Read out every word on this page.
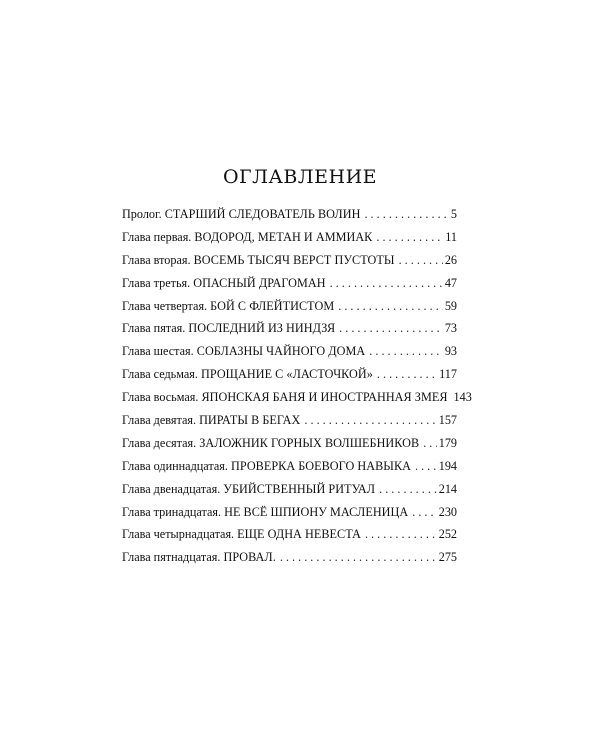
ОГЛАВЛЕНИЕ
Пролог. СТАРШИЙ СЛЕДОВАТЕЛЬ ВОЛИН . . .	5
Глава первая. ВОДОРОД, МЕТАН И АММИАК . . .	11
Глава вторая. ВОСЕМЬ ТЫСЯЧ ВЕРСТ ПУСТОТЫ . . .	26
Глава третья. ОПАСНЫЙ ДРАГОМАН . . .	47
Глава четвертая. БОЙ С ФЛЕЙТИСТОМ . . .	59
Глава пятая. ПОСЛЕДНИЙ ИЗ НИНДЗЯ . . .	73
Глава шестая. СОБЛАЗНЫ ЧАЙНОГО ДОМА . . .	93
Глава седьмая. ПРОЩАНИЕ С «ЛАСТОЧКОЙ» . . .	117
Глава восьмая. ЯПОНСКАЯ БАНЯ И ИНОСТРАННАЯ ЗМЕЯ 143
Глава девятая. ПИРАТЫ В БЕГАХ . . .	157
Глава десятая. ЗАЛОЖНИК ГОРНЫХ ВОЛШЕБНИКОВ . . . 179
Глава одиннадцатая. ПРОВЕРКА БОЕВОГО НАВЫКА . . . 194
Глава двенадцатая. УБИЙСТВЕННЫЙ РИТУАЛ . . .	214
Глава тринадцатая. НЕ ВСЁ ШПИОНУ МАСЛЕНИЦА . . . 230
Глава четырнадцатая. ЕЩЕ ОДНА НЕВЕСТА . . .	252
Глава пятнадцатая. ПРОВАЛ. . . .	275
